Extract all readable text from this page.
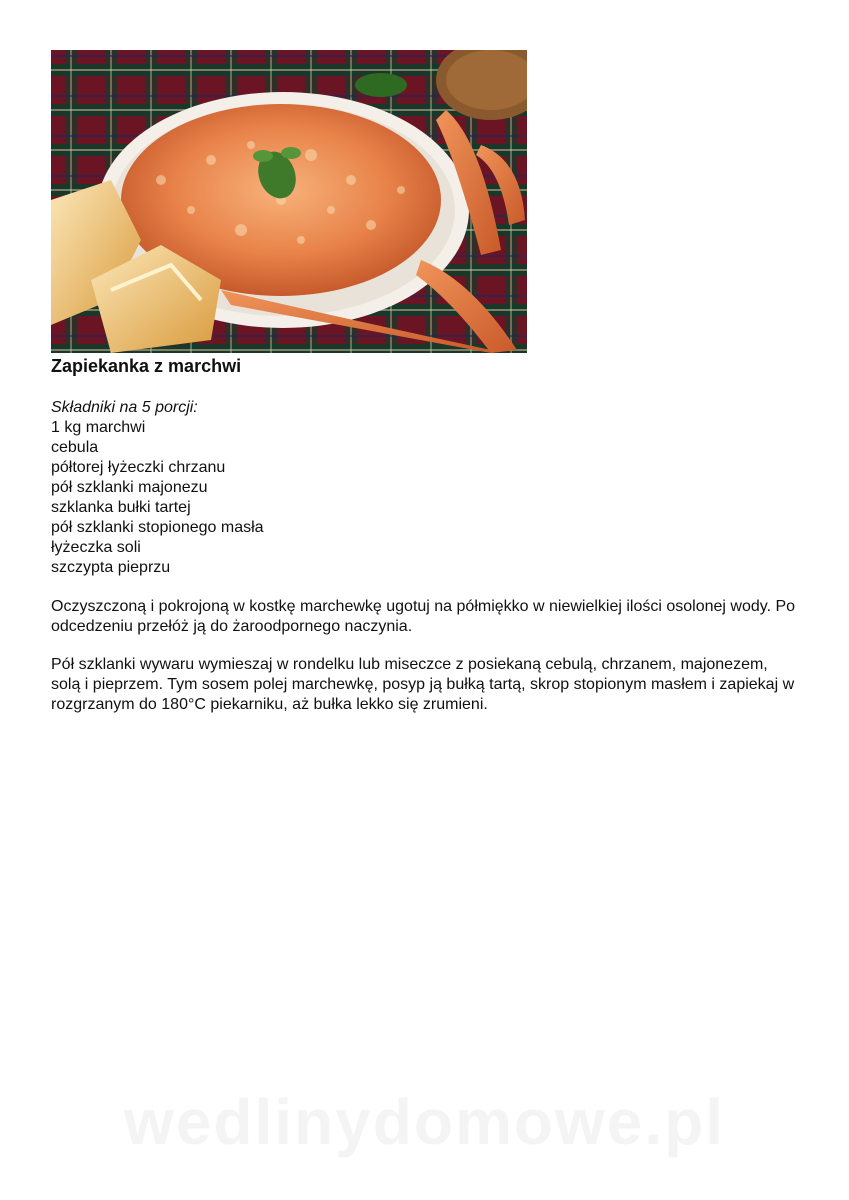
Zapiekanka z marchwi
Składniki na 5 porcji:
1 kg marchwi
cebula
półtorej łyżeczki chrzanu
pół szklanki majonezu
szklanka bułki tartej
pół szklanki stopionego masła
łyżeczka soli
szczypta pieprzu

Oczyszczoną i pokrojoną w kostkę marchewkę ugotuj na półmiękko w niewielkiej ilości osolonej wody. Po odcedzeniu przełóż ją do żaroodpornego naczynia.

Pół szklanki wywaru wymieszaj w rondelku lub miseczce z posiekaną cebulą, chrzanem, majonezem, solą i pieprzem. Tym sosem polej marchewkę, posyp ją bułką tartą, skrop stopionym masłem i zapiekaj w rozgrzanym do 180°C piekarniku, aż bułka lekko się zrumieni.

wedlinydomowe.pl
